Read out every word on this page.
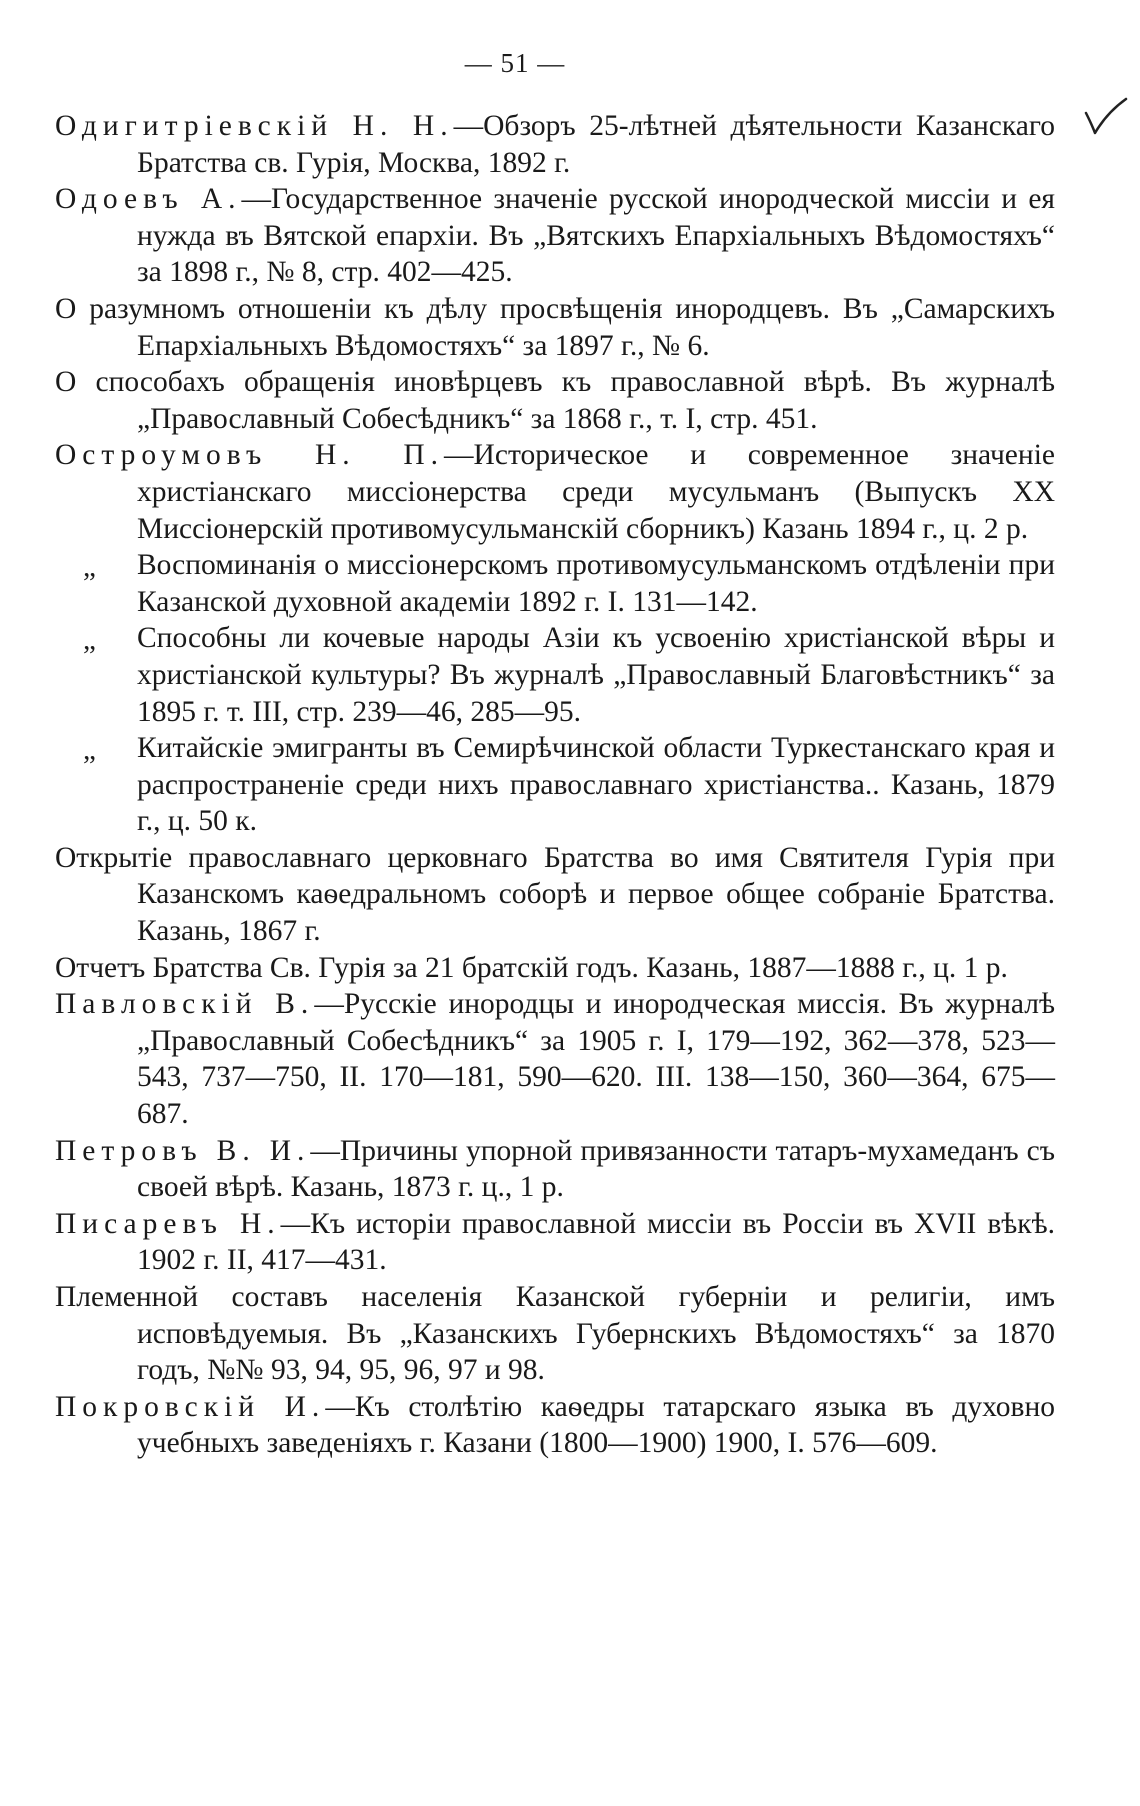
— 51 —
Одигитрiевскiй Н. Н.—Обзоръ 25-лѣтней дѣятельности Казанскаго Братства св. Гурiя, Москва, 1892 г.
Одоевъ А.—Государственное значенiе русской инородческой миссiи и ея нужда въ Вятской епархiи. Въ „Вятскихъ Епархiальныхъ Вѣдомостяхъ“ за 1898 г., № 8, стр. 402—425.
О разумномъ отношенiи къ дѣлу просвѣщенiя инородцевъ. Въ „Самарскихъ Епархiальныхъ Вѣдомостяхъ“ за 1897 г., № 6.
О способахъ обращенiя иновѣрцевъ къ православной вѣрѣ. Въ журналѣ „Православный Собесѣдникъ“ за 1868 г., т. I, стр. 451.
Остроумовъ Н. П.—Историческое и современное значенiе христiанскаго миссiонерства среди мусульманъ (Выпускъ XX Миссiонерскiй противомусульманскiй сборникъ) Казань 1894 г., ц. 2 р.
„ Воспоминанiя о миссiонерскомъ противомусульманскомъ отдѣленiи при Казанской духовной академiи 1892 г. I. 131—142.
„ Способны ли кочевые народы Азiи къ усвоенiю христiанской вѣры и христiанской культуры? Въ журналѣ „Православный Благовѣстникъ“ за 1895 г. т. III, стр. 239—46, 285—95.
„ Китайскiе эмигранты въ Семирѣчинской области Туркестанскаго края и распространенiе среди нихъ православнаго христiанства.. Казань, 1879 г., ц. 50 к.
Открытiе православнаго церковнаго Братства во имя Святителя Гурiя при Казанскомъ каѳедральномъ соборѣ и первое общее собранiе Братства. Казань, 1867 г.
Отчетъ Братства Св. Гурiя за 21 братскiй годъ. Казань, 1887—1888 г., ц. 1 р.
Павловскiй В.—Русскiе инородцы и инородческая миссiя. Въ журналѣ „Православный Собесѣдникъ“ за 1905 г. I, 179—192, 362—378, 523—543, 737—750, II. 170—181, 590—620. III. 138—150, 360—364, 675—687.
Петровъ В. И.—Причины упорной привязанности татаръ-мухамеданъ съ своей вѣрѣ. Казань, 1873 г. ц., 1 р.
Писаревъ Н.—Къ исторiи православной миссiи въ Россiи въ XVII вѣкѣ. 1902 г. II, 417—431.
Племенной составъ населенiя Казанской губернiи и религiи, имъ исповѣдуемыя. Въ „Казанскихъ Губернскихъ Вѣдомостяхъ“ за 1870 годъ, №№ 93, 94, 95, 96, 97 и 98.
Покровскiй И.—Къ столѣтiю каѳедры татарскаго языка въ духовно учебныхъ заведенiяхъ г. Казани (1800—1900) 1900, I. 576—609.
